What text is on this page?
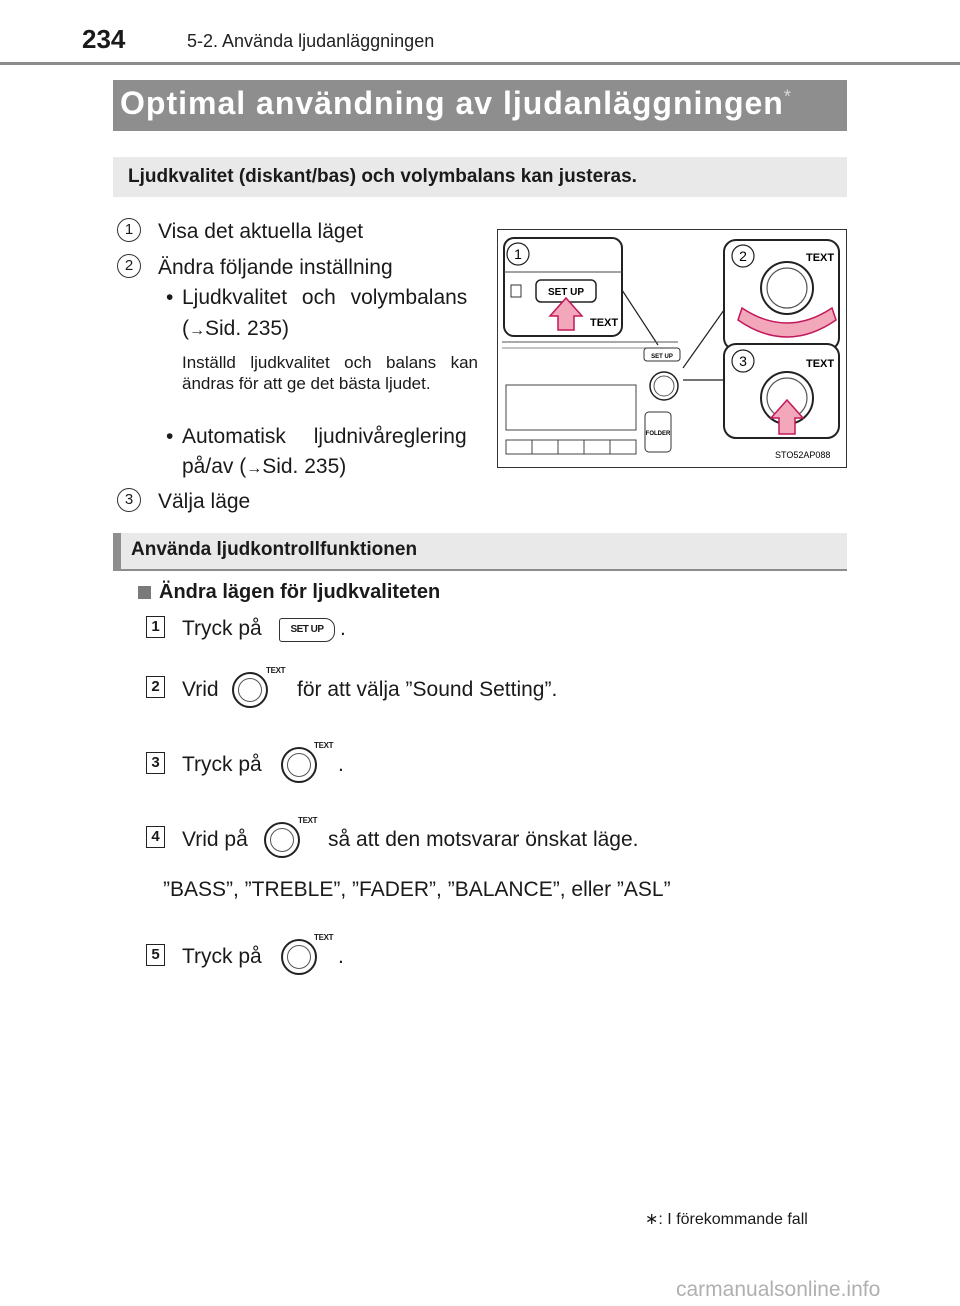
234	5-2. Använda ljudanläggningen
Optimal användning av ljudanläggningen*
Ljudkvalitet (diskant/bas) och volymbalans kan justeras.
1	Visa det aktuella läget
2	Ändra följande inställning
• Ljudkvalitet och volymbalans
(→Sid. 235)
Inställd ljudkvalitet och balans kan ändras för att ge det bästa ljudet.
• Automatisk ljudnivåreglering
på/av (→Sid. 235)
3	Välja läge
SET UP
TEXT
1
SET UP
FOLDER
2	TEXT
3	TEXT
STO52AP088
Använda ljudkontrollfunktionen
Ändra lägen för ljudkvaliteten
1 Tryck på	SET UP .
2 Vrid
TEXT
för att välja ”Sound Setting”.
3 Tryck på
TEXT
.
4 Vrid på
TEXT
så att den motsvarar önskat läge.
”BASS”, ”TREBLE”, ”FADER”, ”BALANCE”, eller ”ASL”
5 Tryck på
TEXT
.
∗: I förekommande fall
carmanualsonline.info
